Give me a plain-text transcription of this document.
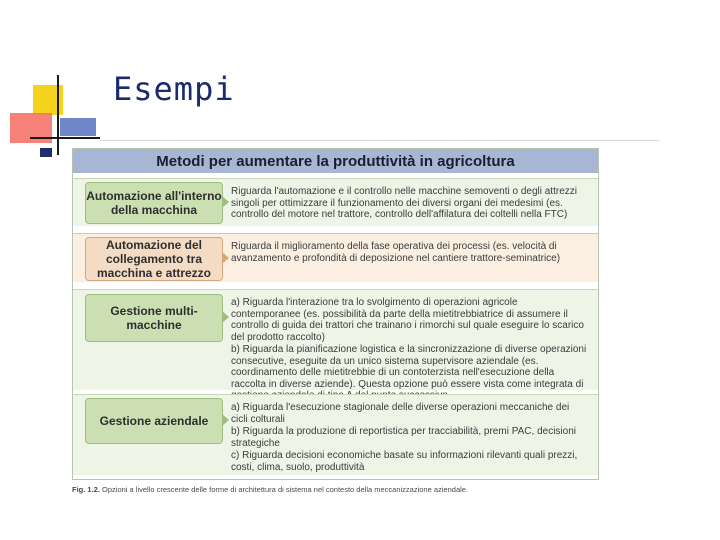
Esempi
Metodi per aumentare la produttività in agricoltura
Automazione all'interno della macchina

Riguarda l'automazione e il controllo nelle macchine semoventi o degli attrezzi singoli per ottimizzare il funzionamento dei diversi organi dei medesimi (es. controllo del motore nel trattore, controllo dell'affilatura dei coltelli nella FTC)

Automazione del collegamento tra macchina e attrezzo

Riguarda il miglioramento della fase operativa dei processi (es. velocità di avanzamento e profondità di deposizione nel cantiere trattore-seminatrice)

Gestione multi-macchine

a) Riguarda l'interazione tra lo svolgimento di operazioni agricole contemporanee (es. possibilità da parte della mietitrebbiatrice di assumere il controllo di guida dei trattori che trainano i rimorchi sul quale eseguire lo scarico del prodotto raccolto)

b) Riguarda la pianificazione logistica e la sincronizzazione di diverse operazioni consecutive, eseguite da un unico sistema supervisore aziendale (es. coordinamento delle mietitrebbie di un contoterzista nell'esecuzione della raccolta in diverse aziende). Questa opzione può essere vista come integrata di

Gestione aziendale

a) Riguarda l'esecuzione stagionale delle diverse operazioni meccaniche dei cicli colturali

b) Riguarda la produzione di reportistica per tracciabilità, premi PAC, decisioni strategiche

c) Riguarda decisioni economiche basate su informazioni rilevanti quali prezzi, costi, clima, suolo, produttività

Fig. 1.2. Opzioni a livello crescente delle forme di architettura di sistema nel contesto della meccanizzazione aziendale.
